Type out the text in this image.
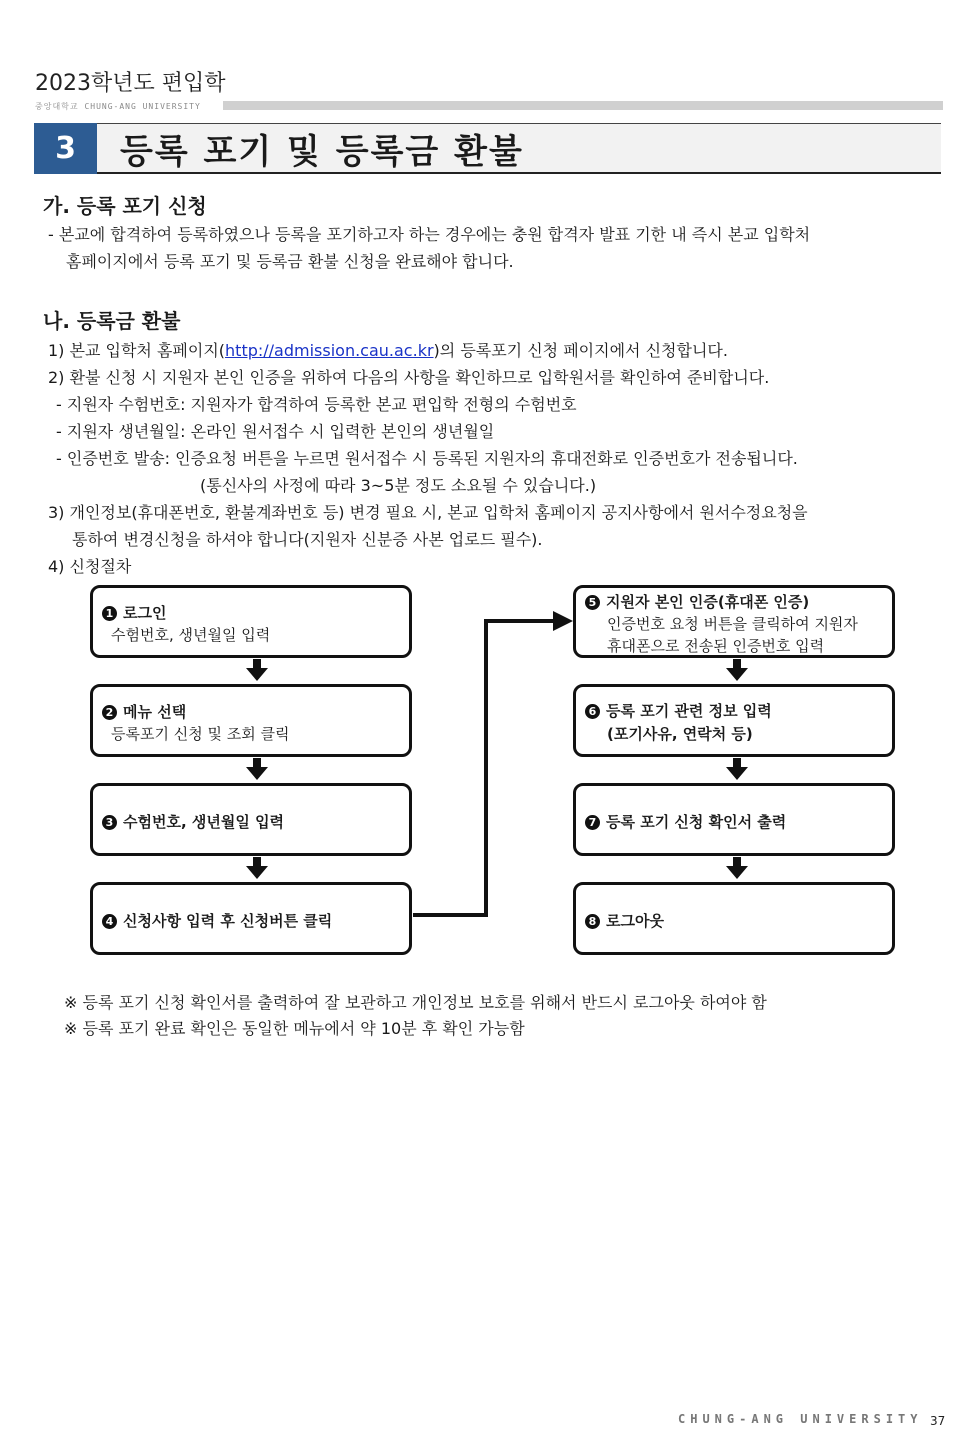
2023학년도 편입학
중앙대학교 CHUNG-ANG UNIVERSITY
3	등록 포기 및 등록금 환불
가. 등록 포기 신청
- 본교에 합격하여 등록하였으나 등록을 포기하고자 하는 경우에는 충원 합격자 발표 기한 내 즉시 본교 입학처
홈페이지에서 등록 포기 및 등록금 환불 신청을 완료해야 합니다.
나. 등록금 환불
1) 본교 입학처 홈페이지(http://admission.cau.ac.kr)의 등록포기 신청 페이지에서 신청합니다.
2) 환불 신청 시 지원자 본인 인증을 위하여 다음의 사항을 확인하므로 입학원서를 확인하여 준비합니다.
- 지원자 수험번호: 지원자가 합격하여 등록한 본교 편입학 전형의 수험번호
- 지원자 생년월일: 온라인 원서접수 시 입력한 본인의 생년월일
- 인증번호 발송: 인증요청 버튼을 누르면 원서접수 시 등록된 지원자의 휴대전화로 인증번호가 전송됩니다.
(통신사의 사정에 따라 3~5분 정도 소요될 수 있습니다.)
3) 개인정보(휴대폰번호, 환불계좌번호 등) 변경 필요 시, 본교 입학처 홈페이지 공지사항에서 원서수정요청을
통하여 변경신청을 하셔야 합니다(지원자 신분증 사본 업로드 필수).
4) 신청절차
1 로그인
수험번호, 생년월일 입력
2 메뉴 선택
등록포기 신청 및 조회 클릭
3 수험번호, 생년월일 입력
4 신청사항 입력 후 신청버튼 클릭
5 지원자 본인 인증(휴대폰 인증)
인증번호 요청 버튼을 클릭하여 지원자
휴대폰으로 전송된 인증번호 입력
6 등록 포기 관련 정보 입력
(포기사유, 연락처 등)
7 등록 포기 신청 확인서 출력
8 로그아웃
※ 등록 포기 신청 확인서를 출력하여 잘 보관하고 개인정보 보호를 위해서 반드시 로그아웃 하여야 함
※ 등록 포기 완료 확인은 동일한 메뉴에서 약 10분 후 확인 가능함
CHUNG-ANG UNIVERSITY 37
